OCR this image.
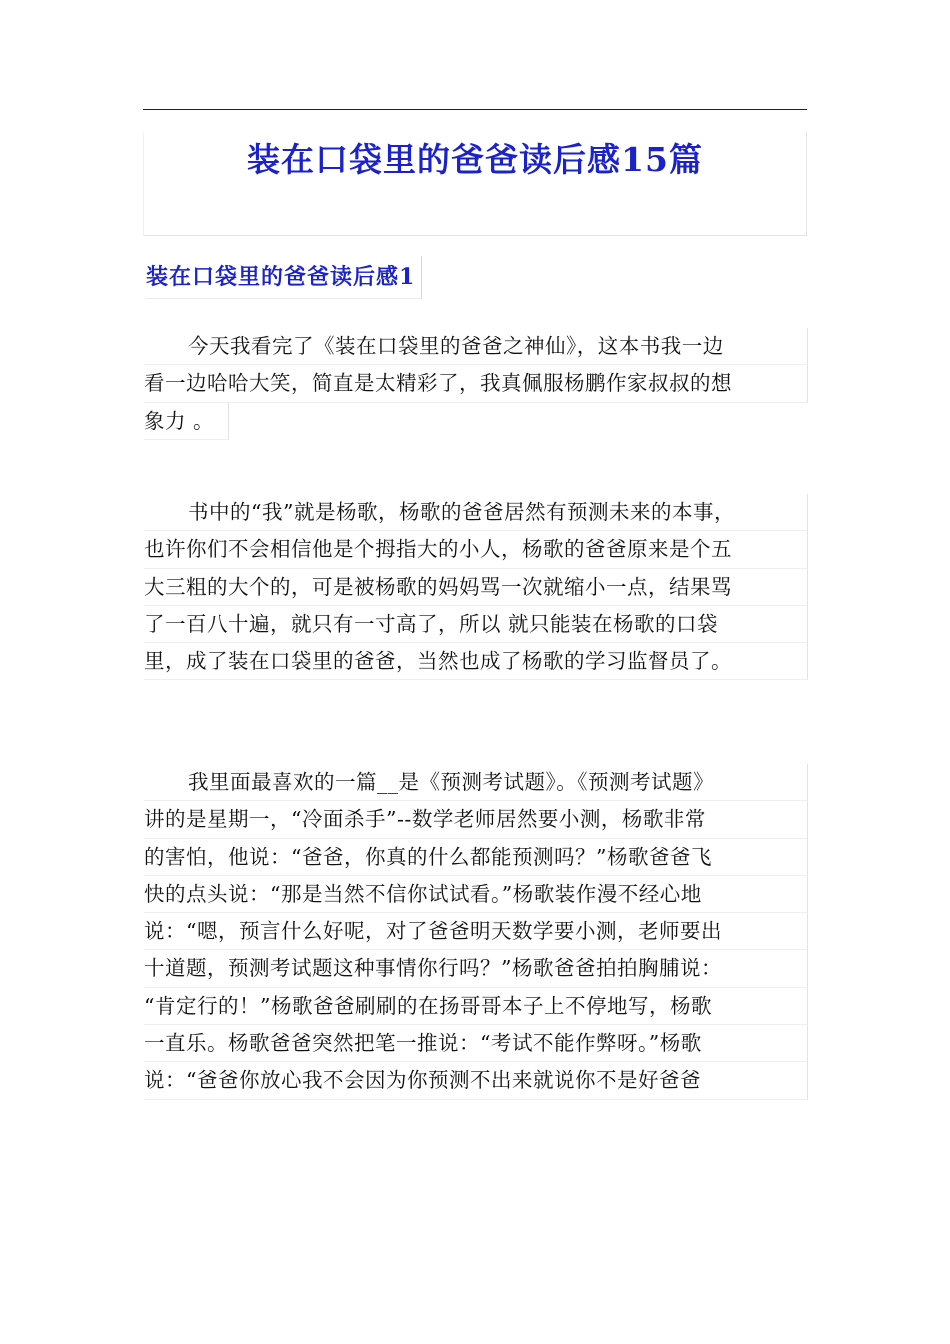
装在口袋里的爸爸读后感15篇
装在口袋里的爸爸读后感1
今天我看完了《装在口袋里的爸爸之神仙》，这本书我一边
看一边哈哈大笑，简直是太精彩了，我真佩服杨鹏作家叔叔的想
象力 。
书中的“我”就是杨歌，杨歌的爸爸居然有预测未来的本事，
也许你们不会相信他是个拇指大的小人，杨歌的爸爸原来是个五
大三粗的大个的，可是被杨歌的妈妈骂一次就缩小一点，结果骂
了一百八十遍，就只有一寸高了，所以 就只能装在杨歌的口袋
里，成了装在口袋里的爸爸，当然也成了杨歌的学习监督员了。
我里面最喜欢的一篇__是《预测考试题》。《预测考试题》
讲的是星期一，“冷面杀手”--数学老师居然要小测，杨歌非常
的害怕，他说：“爸爸，你真的什么都能预测吗？”杨歌爸爸飞
快的点头说：“那是当然不信你试试看。”杨歌装作漫不经心地
说：“嗯，预言什么好呢，对了爸爸明天数学要小测，老师要出
十道题，预测考试题这种事情你行吗？”杨歌爸爸拍拍胸脯说：
“肯定行的！”杨歌爸爸刷刷的在扬哥哥本子上不停地写，杨歌
一直乐。杨歌爸爸突然把笔一推说：“考试不能作弊呀。”杨歌
说：“爸爸你放心我不会因为你预测不出来就说你不是好爸爸
